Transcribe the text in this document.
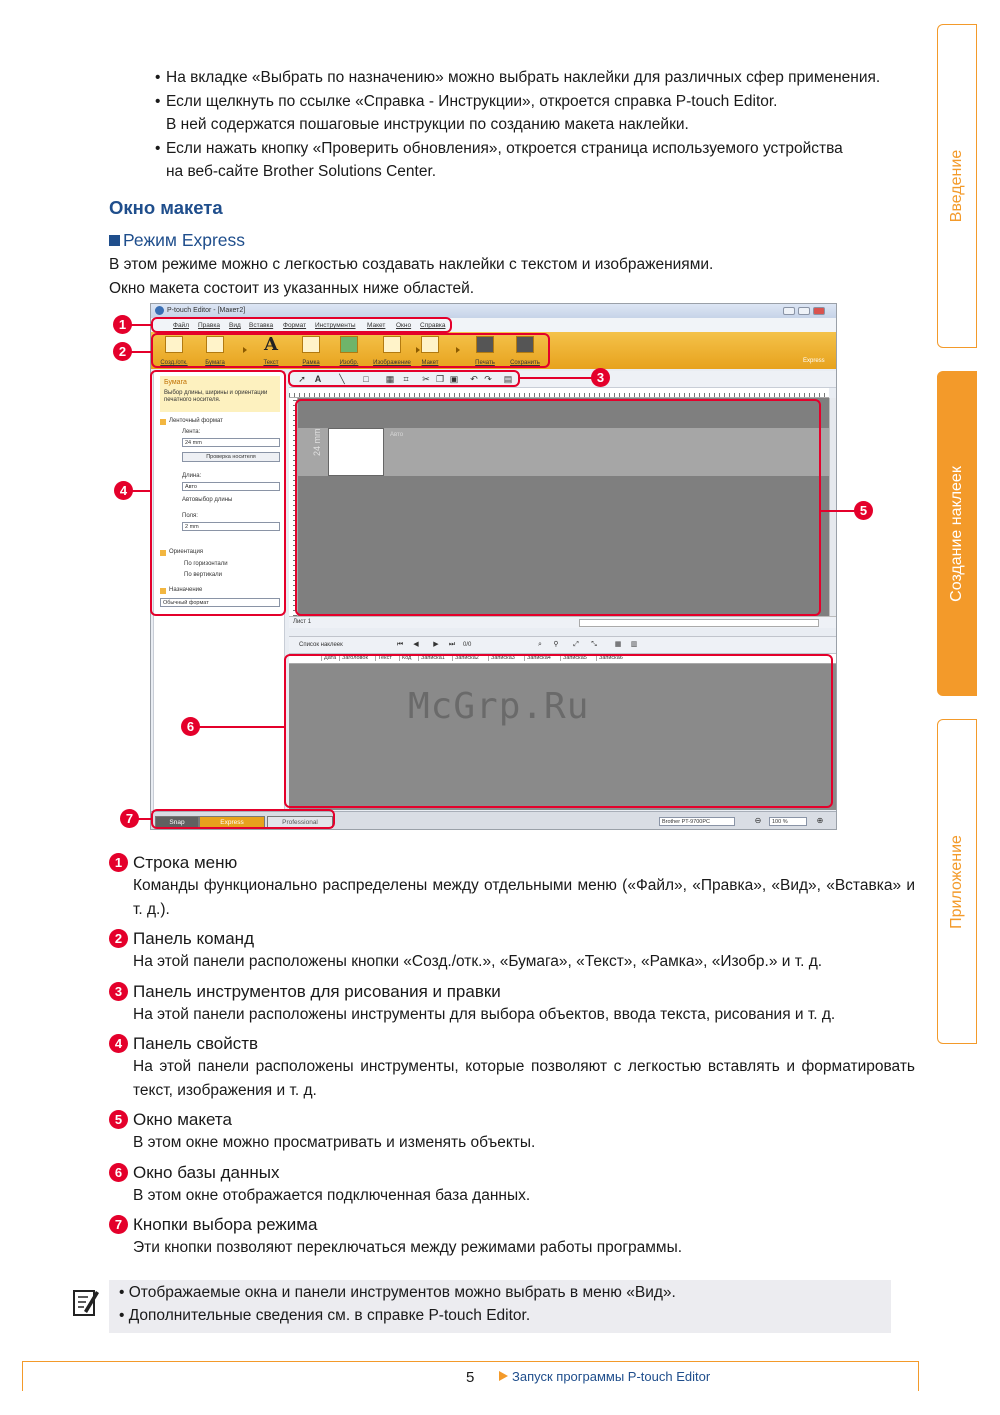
Введение
Создание наклеек
Приложение
• На вкладке «Выбрать по назначению» можно выбрать наклейки для различных сфер применения.
• Если щелкнуть по ссылке «Справка - Инструкции», откроется справка P-touch Editor.
В ней содержатся пошаговые инструкции по созданию макета наклейки.
• Если нажать кнопку «Проверить обновления», откроется страница используемого устройства
на веб-сайте Brother Solutions Center.
Окно макета
Режим Express
В этом режиме можно с легкостью создавать наклейки с текстом и изображениями.
Окно макета состоит из указанных ниже областей.
P-touch Editor - [Макет2]
Файл Правка Вид Вставка Формат Инструменты Макет Окно Справка
Созд./отк.	Бумага
A
Текст	Рамка	Изобр.	Изображение	Макет	Печать	Сохранить	Express
Бумага
Выбор длины, ширины и ориентации печатного носителя.
Ленточный формат
Лента:
24 mm
Проверка носителя
Длина:
Авто
Автовыбор длины
Поля:
2 mm
Ориентация
По горизонтали
По вертикали
Назначение
Обычный формат
➚ A ╲ □ ▦ ⌗ ✂ ❐ ▣ ↶ ↷ ▤
24 mm	Авто
Лист 1
Список наклеек	⏮	◀	▶	⏭	0/0	⌕	⚲	⤢	⤡	▦ ▥
Дата	Заголовок	Текст	Код	Записка1	Записка2	Записка3	Записка4	Записка5	Записка6
Snap	Express	Professional	Brother PT-9700PC	⊖	100 %	⊕
1
2
3
4
5
6
7
McGrp.Ru
1 Строка меню
Команды функционально распределены между отдельными меню («Файл», «Правка», «Вид», «Вставка» и т. д.).
2 Панель команд
На этой панели расположены кнопки «Созд./отк.», «Бумага», «Текст», «Рамка», «Изобр.» и т. д.
3 Панель инструментов для рисования и правки
На этой панели расположены инструменты для выбора объектов, ввода текста, рисования и т. д.
4 Панель свойств
На этой панели расположены инструменты, которые позволяют с легкостью вставлять и форматировать текст, изображения и т. д.
5 Окно макета
В этом окне можно просматривать и изменять объекты.
6 Окно базы данных
В этом окне отображается подключенная база данных.
7 Кнопки выбора режима
Эти кнопки позволяют переключаться между режимами работы программы.
• Отображаемые окна и панели инструментов можно выбрать в меню «Вид».
• Дополнительные сведения см. в справке P-touch Editor.
5	Запуск программы P-touch Editor
